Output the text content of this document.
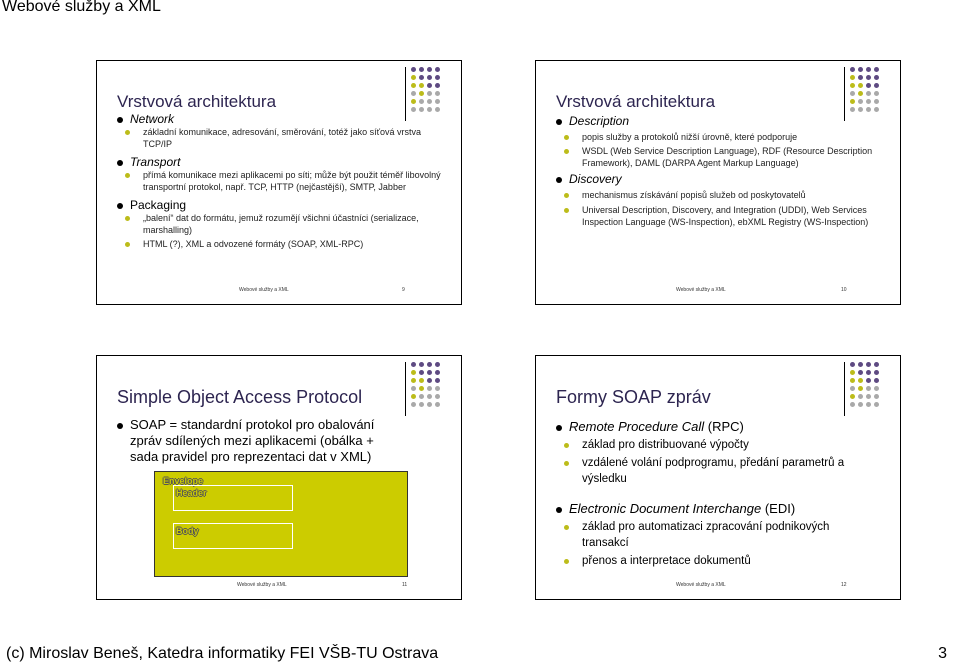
Webové služby a XML
Vrstvová architektura
Network
základní komunikace, adresování, směrování, totéž jako síťová vrstva TCP/IP
Transport
přímá komunikace mezi aplikacemi po síti; může být použit téměř libovolný transportní protokol, např. TCP, HTTP (nejčastější), SMTP, Jabber
Packaging
„balení“ dat do formátu, jemuž rozumějí všichni účastníci (serializace, marshalling)
HTML (?), XML a odvozené formáty (SOAP, XML-RPC)
Webové služby a XML	9
Vrstvová architektura
Description
popis služby a protokolů nižší úrovně, které podporuje
WSDL (Web Service Description Language), RDF (Resource Description Framework), DAML (DARPA Agent Markup Language)
Discovery
mechanismus získávání popisů služeb od poskytovatelů
Universal Description, Discovery, and Integration (UDDI), Web Services Inspection Language (WS-Inspection), ebXML Registry (WS-Inspection)
Webové služby a XML	10
Simple Object Access Protocol
SOAP = standardní protokol pro obalování zpráv sdílených mezi aplikacemi (obálka + sada pravidel pro reprezentaci dat v XML)
Envelope
Header
Body
Webové služby a XML	11
Formy SOAP zpráv
Remote Procedure Call (RPC)
základ pro distribuované výpočty
vzdálené volání podprogramu, předání parametrů a výsledku
Electronic Document Interchange (EDI)
základ pro automatizaci zpracování podnikových transakcí
přenos a interpretace dokumentů
Webové služby a XML	12
(c) Miroslav Beneš, Katedra informatiky FEI VŠB-TU Ostrava	3
